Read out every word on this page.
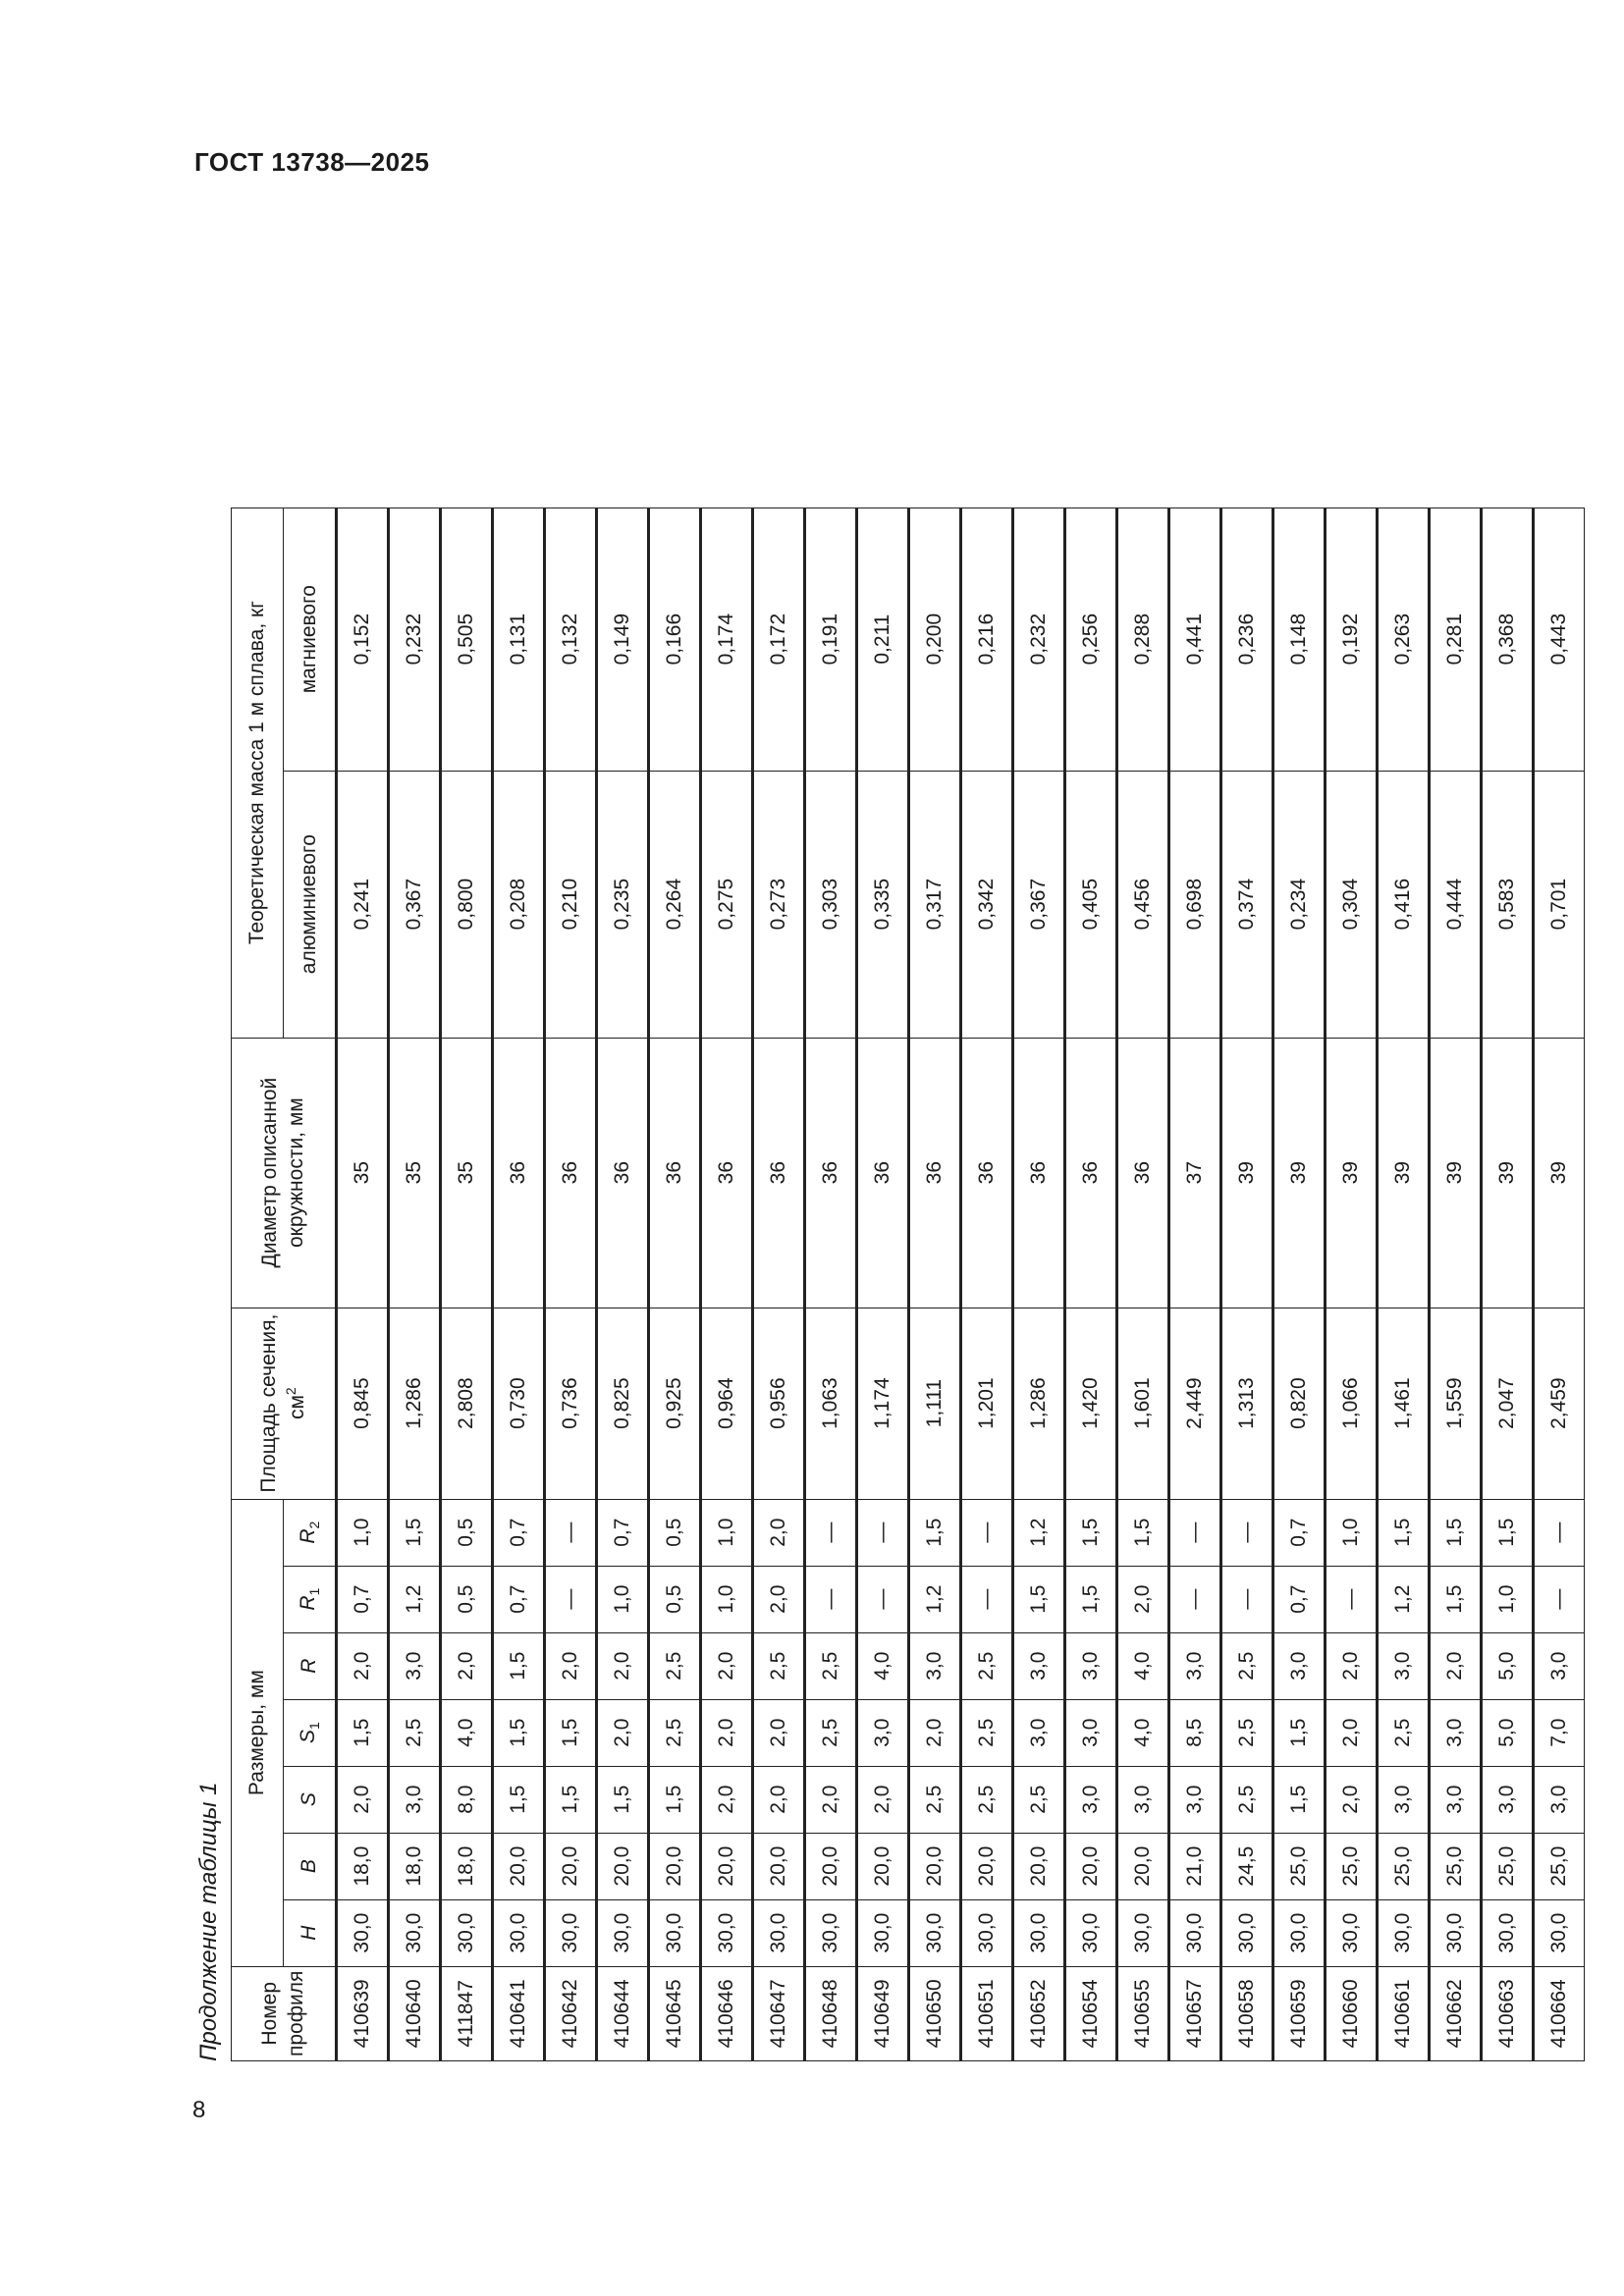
ГОСТ 13738—2025
8
Продолжение таблицы 1	Номер профиля	Размеры, мм							Площадь сечения, $см^2$	Диаметр описанной окружности, мм	Теоретическая масса 1 м сплава, кг	
	H	B	S	$S_1$	R	$R_1$	$R_2$			алюминиевого	магниевого
410639	30,0	18,0	2,0	1,5	2,0	0,7	1,0	0,845	35	0,241	0,152
410640	30,0	18,0	3,0	2,5	3,0	1,2	1,5	1,286	35	0,367	0,232
411847	30,0	18,0	8,0	4,0	2,0	0,5	0,5	2,808	35	0,800	0,505
410641	30,0	20,0	1,5	1,5	1,5	0,7	0,7	0,730	36	0,208	0,131
410642	30,0	20,0	1,5	1,5	2,0	—	—	0,736	36	0,210	0,132
410644	30,0	20,0	1,5	2,0	2,0	1,0	0,7	0,825	36	0,235	0,149
410645	30,0	20,0	1,5	2,5	2,5	0,5	0,5	0,925	36	0,264	0,166
410646	30,0	20,0	2,0	2,0	2,0	1,0	1,0	0,964	36	0,275	0,174
410647	30,0	20,0	2,0	2,0	2,5	2,0	2,0	0,956	36	0,273	0,172
410648	30,0	20,0	2,0	2,5	2,5	—	—	1,063	36	0,303	0,191
410649	30,0	20,0	2,0	3,0	4,0	—	—	1,174	36	0,335	0,211
410650	30,0	20,0	2,5	2,0	3,0	1,2	1,5	1,111	36	0,317	0,200
410651	30,0	20,0	2,5	2,5	2,5	—	—	1,201	36	0,342	0,216
410652	30,0	20,0	2,5	3,0	3,0	1,5	1,2	1,286	36	0,367	0,232
410654	30,0	20,0	3,0	3,0	3,0	1,5	1,5	1,420	36	0,405	0,256
410655	30,0	20,0	3,0	4,0	4,0	2,0	1,5	1,601	36	0,456	0,288
410657	30,0	21,0	3,0	8,5	3,0	—	—	2,449	37	0,698	0,441
410658	30,0	24,5	2,5	2,5	2,5	—	—	1,313	39	0,374	0,236
410659	30,0	25,0	1,5	1,5	3,0	0,7	0,7	0,820	39	0,234	0,148
410660	30,0	25,0	2,0	2,0	2,0	—	1,0	1,066	39	0,304	0,192
410661	30,0	25,0	3,0	2,5	3,0	1,2	1,5	1,461	39	0,416	0,263
410662	30,0	25,0	3,0	3,0	2,0	1,5	1,5	1,559	39	0,444	0,281
410663	30,0	25,0	3,0	5,0	5,0	1,0	1,5	2,047	39	0,583	0,368
410664	30,0	25,0	3,0	7,0	3,0	—	—	2,459	39	0,701	0,443
